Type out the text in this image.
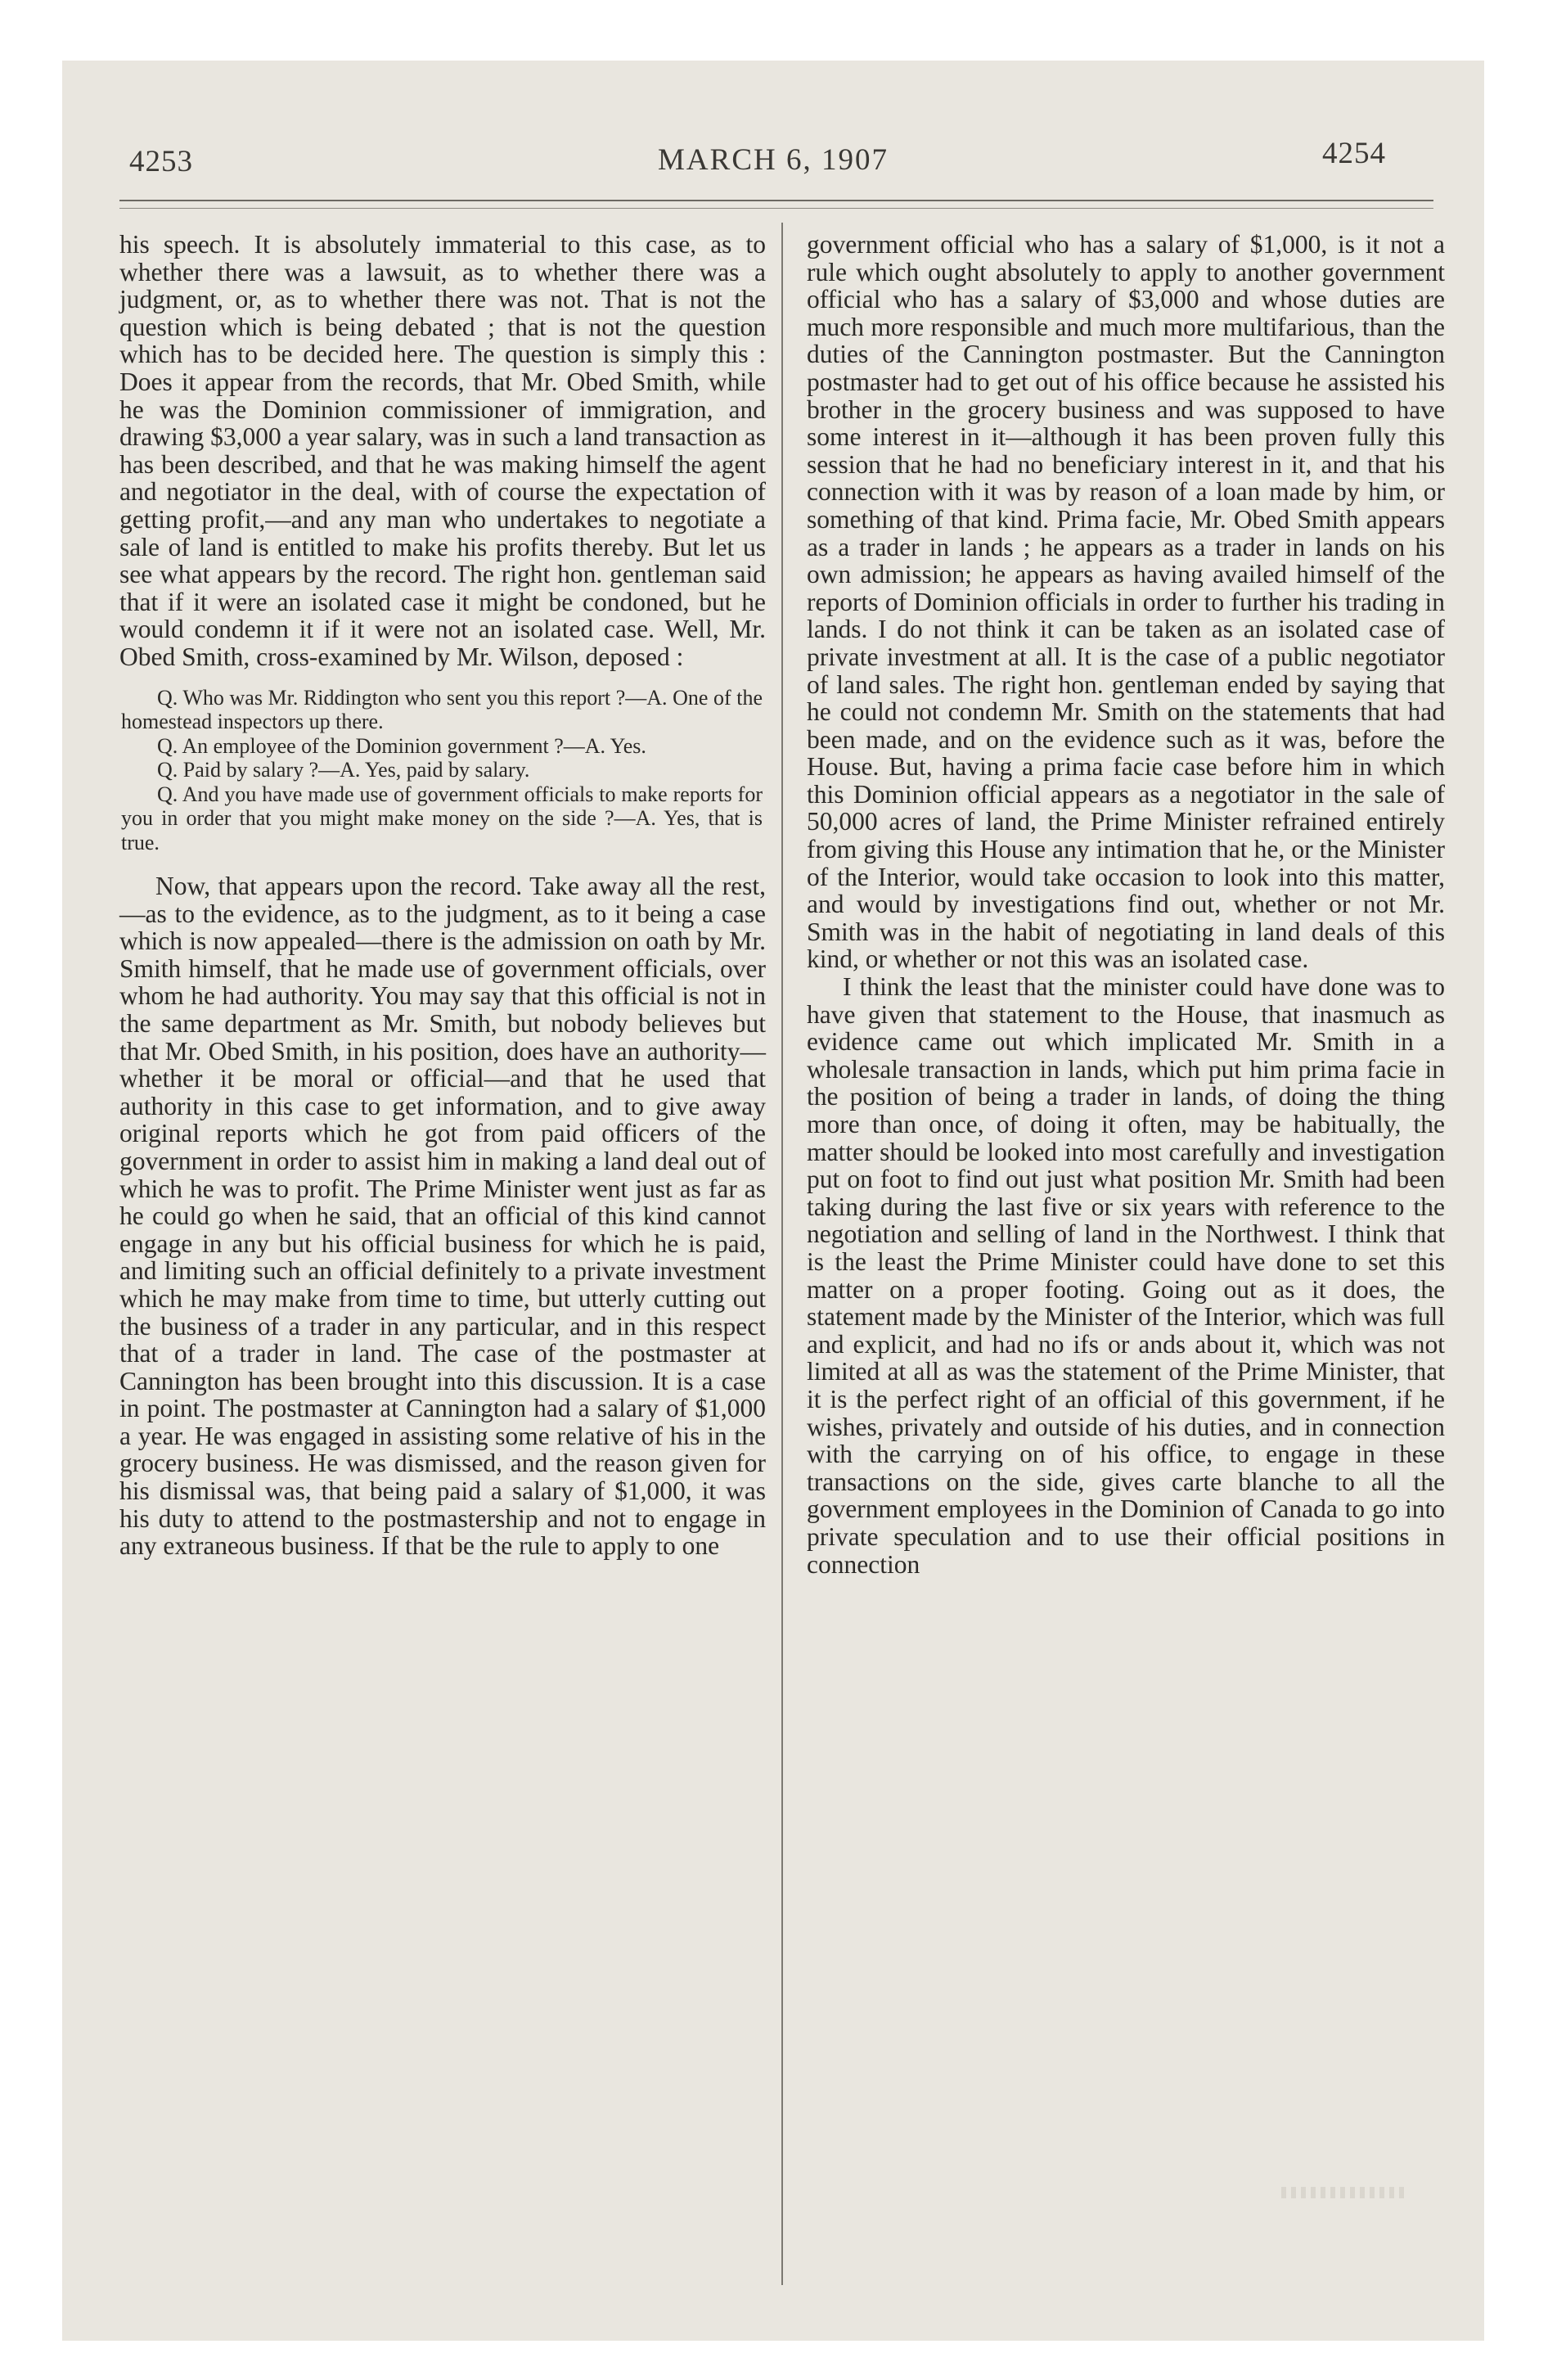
4253	MARCH 6, 1907	4254

his speech. It is absolutely immaterial to this case, as to whether there was a lawsuit, as to whether there was a judgment, or, as to whether there was not. That is not the question which is being debated ; that is not the question which has to be decided here. The question is simply this : Does it appear from the records, that Mr. Obed Smith, while he was the Dominion commissioner of immigration, and drawing $3,000 a year salary, was in such a land transaction as has been described, and that he was making himself the agent and negotiator in the deal, with of course the expectation of getting profit,—and any man who undertakes to negotiate a sale of land is entitled to make his profits thereby. But let us see what appears by the record. The right hon. gentleman said that if it were an isolated case it might be condoned, but he would condemn it if it were not an isolated case. Well, Mr. Obed Smith, cross-examined by Mr. Wilson, deposed :

Q. Who was Mr. Riddington who sent you this report ?—A. One of the homestead inspectors up there.

Q. An employee of the Dominion government ?—A. Yes.

Q. Paid by salary ?—A. Yes, paid by salary.

Q. And you have made use of government officials to make reports for you in order that you might make money on the side ?—A. Yes, that is true.

Now, that appears upon the record. Take away all the rest,—as to the evidence, as to the judgment, as to it being a case which is now appealed—there is the admission on oath by Mr. Smith himself, that he made use of government officials, over whom he had authority. You may say that this official is not in the same department as Mr. Smith, but nobody believes but that Mr. Obed Smith, in his position, does have an authority—whether it be moral or official—and that he used that authority in this case to get information, and to give away original reports which he got from paid officers of the government in order to assist him in making a land deal out of which he was to profit. The Prime Minister went just as far as he could go when he said, that an official of this kind cannot engage in any but his official business for which he is paid, and limiting such an official definitely to a private investment which he may make from time to time, but utterly cutting out the business of a trader in any particular, and in this respect that of a trader in land. The case of the postmaster at Cannington has been brought into this discussion. It is a case in point. The postmaster at Cannington had a salary of $1,000 a year. He was engaged in assisting some relative of his in the grocery business. He was dismissed, and the reason given for his dismissal was, that being paid a salary of $1,000, it was his duty to attend to the postmastership and not to engage in any extraneous business. If that be the rule to apply to one

government official who has a salary of $1,000, is it not a rule which ought absolutely to apply to another government official who has a salary of $3,000 and whose duties are much more responsible and much more multifarious, than the duties of the Cannington postmaster. But the Cannington postmaster had to get out of his office because he assisted his brother in the grocery business and was supposed to have some interest in it—although it has been proven fully this session that he had no beneficiary interest in it, and that his connection with it was by reason of a loan made by him, or something of that kind. Prima facie, Mr. Obed Smith appears as a trader in lands ; he appears as a trader in lands on his own admission; he appears as having availed himself of the reports of Dominion officials in order to further his trading in lands. I do not think it can be taken as an isolated case of private investment at all. It is the case of a public negotiator of land sales. The right hon. gentleman ended by saying that he could not condemn Mr. Smith on the statements that had been made, and on the evidence such as it was, before the House. But, having a prima facie case before him in which this Dominion official appears as a negotiator in the sale of 50,000 acres of land, the Prime Minister refrained entirely from giving this House any intimation that he, or the Minister of the Interior, would take occasion to look into this matter, and would by investigations find out, whether or not Mr. Smith was in the habit of negotiating in land deals of this kind, or whether or not this was an isolated case.

I think the least that the minister could have done was to have given that statement to the House, that inasmuch as evidence came out which implicated Mr. Smith in a wholesale transaction in lands, which put him prima facie in the position of being a trader in lands, of doing the thing more than once, of doing it often, may be habitually, the matter should be looked into most carefully and investigation put on foot to find out just what position Mr. Smith had been taking during the last five or six years with reference to the negotiation and selling of land in the Northwest. I think that is the least the Prime Minister could have done to set this matter on a proper footing. Going out as it does, the statement made by the Minister of the Interior, which was full and explicit, and had no ifs or ands about it, which was not limited at all as was the statement of the Prime Minister, that it is the perfect right of an official of this government, if he wishes, privately and outside of his duties, and in connection with the carrying on of his office, to engage in these transactions on the side, gives carte blanche to all the government employees in the Dominion of Canada to go into private speculation and to use their official positions in connection
